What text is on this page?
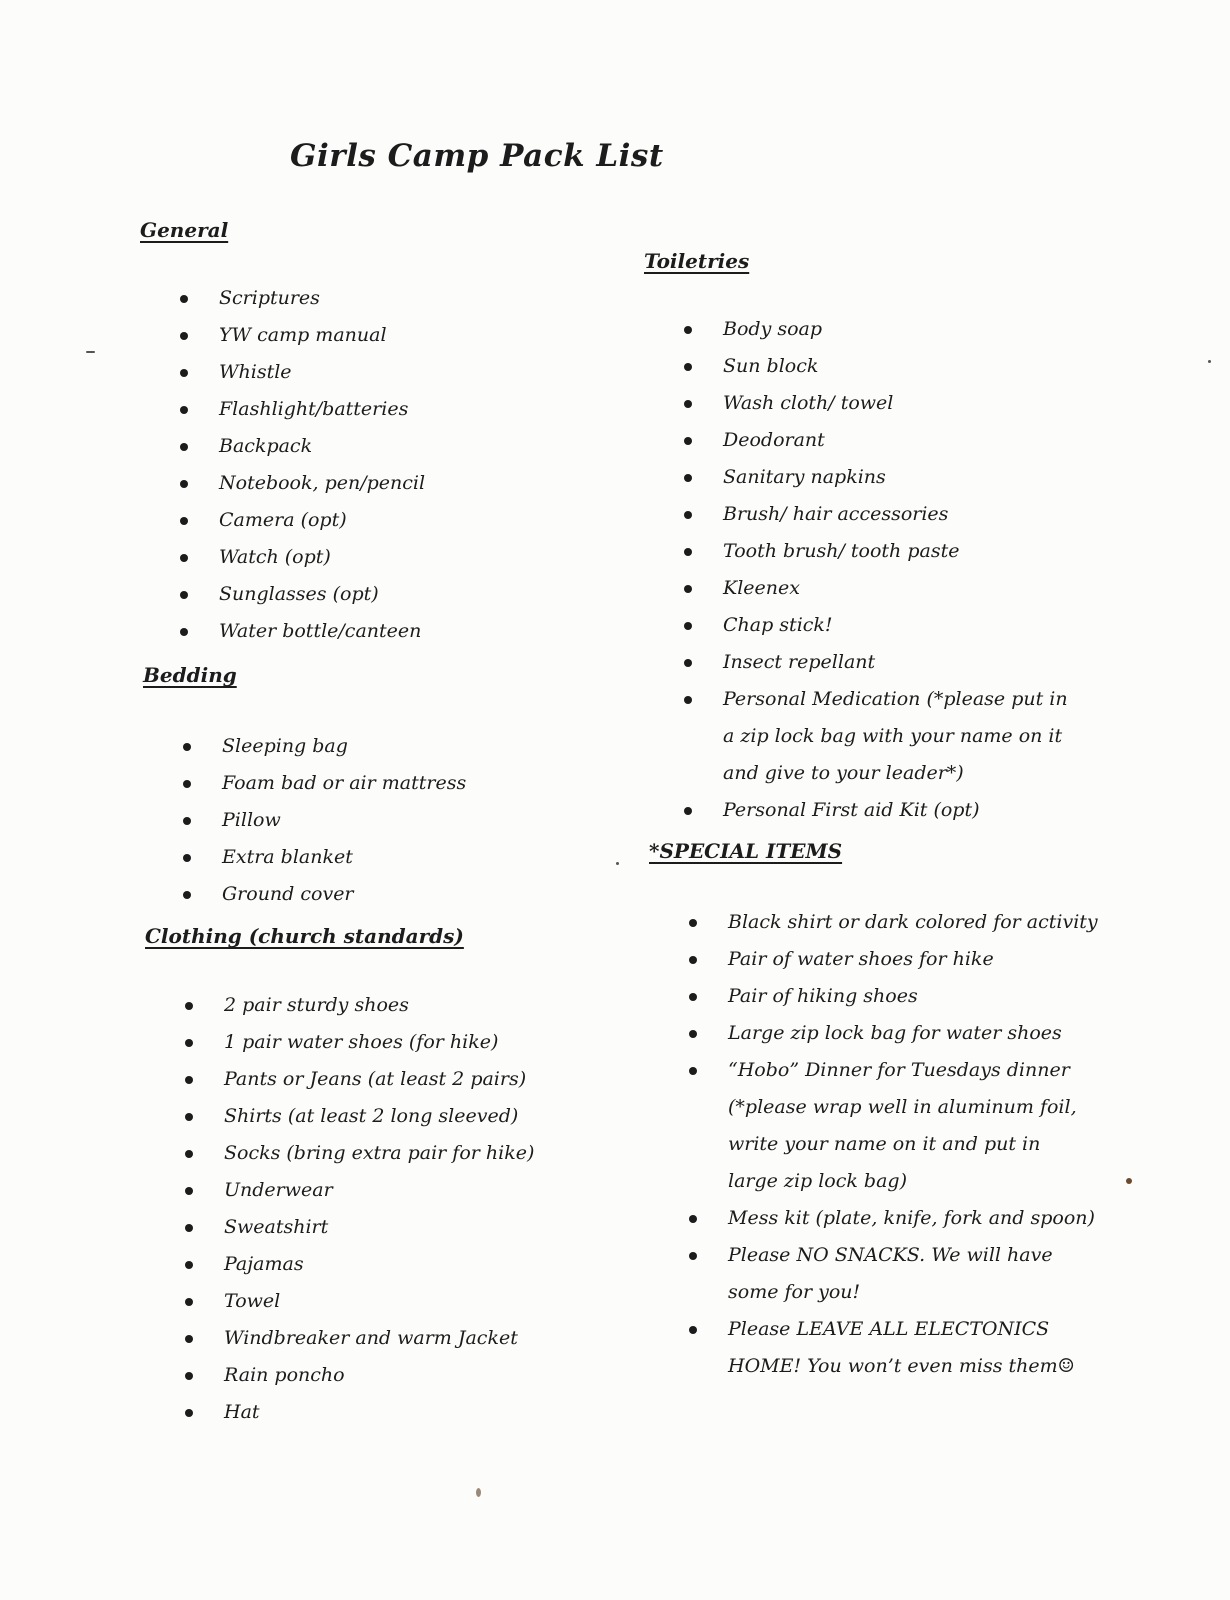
Girls Camp Pack List
General
Scriptures
YW camp manual
Whistle
Flashlight/batteries
Backpack
Notebook, pen/pencil
Camera (opt)
Watch (opt)
Sunglasses (opt)
Water bottle/canteen
Bedding
Sleeping bag
Foam bad or air mattress
Pillow
Extra blanket
Ground cover
Clothing (church standards)
2 pair sturdy shoes
1 pair water shoes (for hike)
Pants or Jeans (at least 2 pairs)
Shirts (at least 2 long sleeved)
Socks (bring extra pair for hike)
Underwear
Sweatshirt
Pajamas
Towel
Windbreaker and warm Jacket
Rain poncho
Hat
Toiletries
Body soap
Sun block
Wash cloth/ towel
Deodorant
Sanitary napkins
Brush/ hair accessories
Tooth brush/ tooth paste
Kleenex
Chap stick!
Insect repellant
Personal Medication (*please put in a zip lock bag with your name on it and give to your leader*)
Personal First aid Kit (opt)
*SPECIAL ITEMS
Black shirt or dark colored for activity
Pair of water shoes for hike
Pair of hiking shoes
Large zip lock bag for water shoes
“Hobo” Dinner for Tuesdays dinner (*please wrap well in aluminum foil, write your name on it and put in large zip lock bag)
Mess kit (plate, knife, fork and spoon)
Please NO SNACKS. We will have some for you!
Please LEAVE ALL ELECTONICS HOME! You won’t even miss them☺
